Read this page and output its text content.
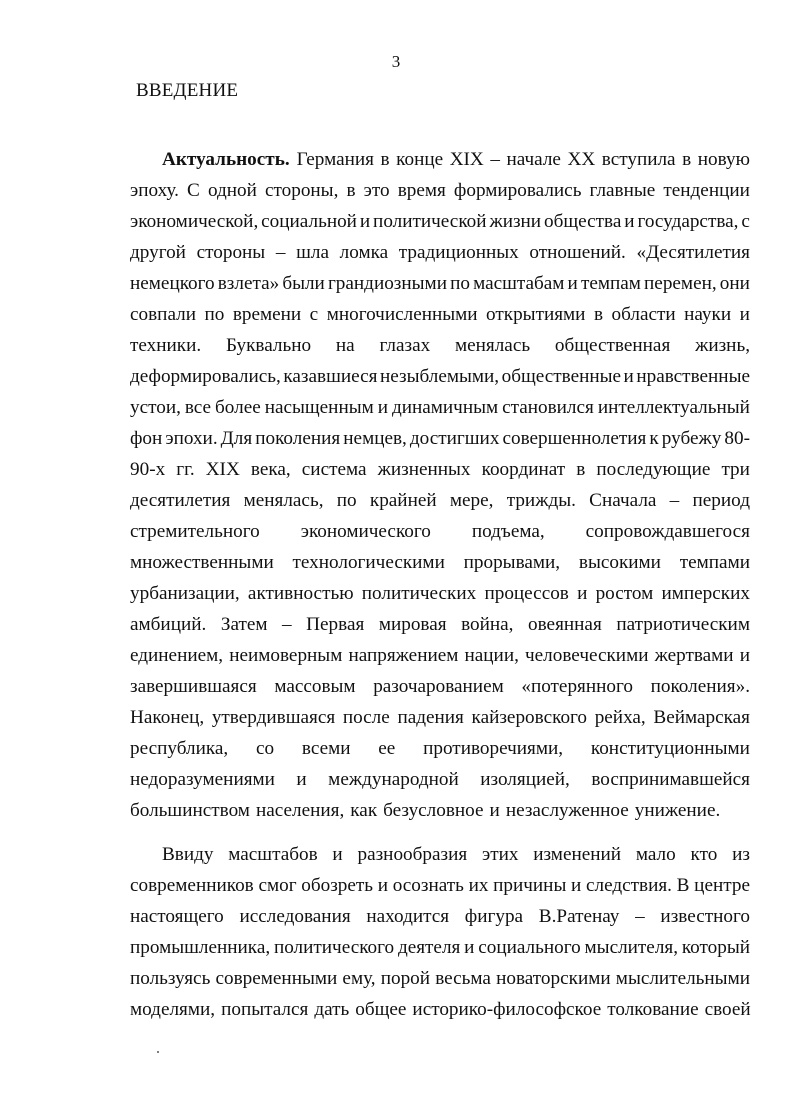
3
ВВЕДЕНИЕ
Актуальность. Германия в конце XIX – начале XX вступила в новую
эпоху. С одной стороны, в это время формировались главные тенденции
экономической, социальной и политической жизни общества и государства, с
другой стороны – шла ломка традиционных отношений. «Десятилетия
немецкого взлета» были грандиозными по масштабам и темпам перемен, они
совпали по времени с многочисленными открытиями в области науки и
техники. Буквально на глазах менялась общественная жизнь,
деформировались, казавшиеся незыблемыми, общественные и нравственные
устои, все более насыщенным и динамичным становился интеллектуальный
фон эпохи. Для поколения немцев, достигших совершеннолетия к рубежу 80-
90-х гг. XIX века, система жизненных координат в последующие три
десятилетия менялась, по крайней мере, трижды. Сначала – период
стремительного экономического подъема, сопровождавшегося
множественными технологическими прорывами, высокими темпами
урбанизации, активностью политических процессов и ростом имперских
амбиций. Затем – Первая мировая война, овеянная патриотическим
единением, неимоверным напряжением нации, человеческими жертвами и
завершившаяся массовым разочарованием «потерянного поколения».
Наконец, утвердившаяся после падения кайзеровского рейха, Веймарская
республика, со всеми ее противоречиями, конституционными
недоразумениями и международной изоляцией, воспринимавшейся
большинством населения, как безусловное и незаслуженное унижение.
Ввиду масштабов и разнообразия этих изменений мало кто из
современников смог обозреть и осознать их причины и следствия. В центре
настоящего исследования находится фигура В.Ратенау – известного
промышленника, политического деятеля и социального мыслителя, который
пользуясь современными ему, порой весьма новаторскими мыслительными
моделями, попытался дать общее историко-философское толкование своей
